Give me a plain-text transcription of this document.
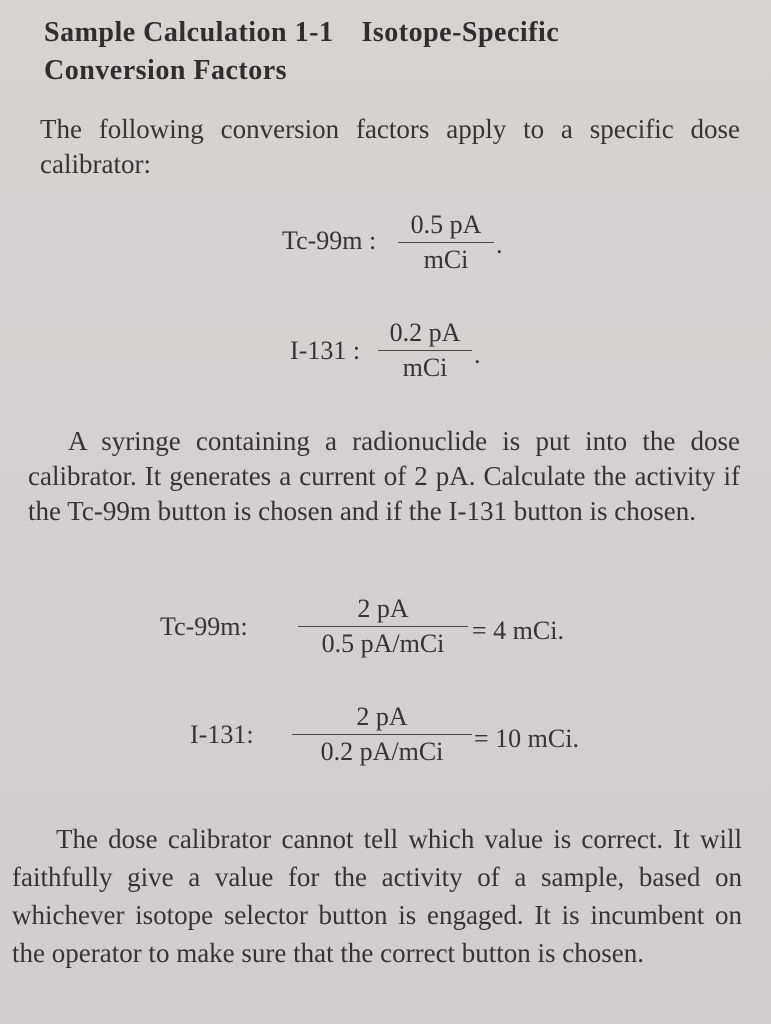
Sample Calculation 1-1 Isotope-Specific
Conversion Factors
The following conversion factors apply to a specific dose calibrator:
Tc-99m :
0.5 pA
mCi
.
I-131 :
0.2 pA
mCi	.
A syringe containing a radionuclide is put into the dose calibrator. It generates a current of 2 pA. Calculate the activity if the Tc-99m button is chosen and if the I-131 button is chosen.
Tc-99m:
2 pA
0.5 pA/mCi	= 4 mCi.
I-131:
2 pA
0.2 pA/mCi	= 10 mCi.
The dose calibrator cannot tell which value is correct. It will faithfully give a value for the activity of a sample, based on whichever isotope selector button is engaged. It is incumbent on the operator to make sure that the correct button is chosen.
